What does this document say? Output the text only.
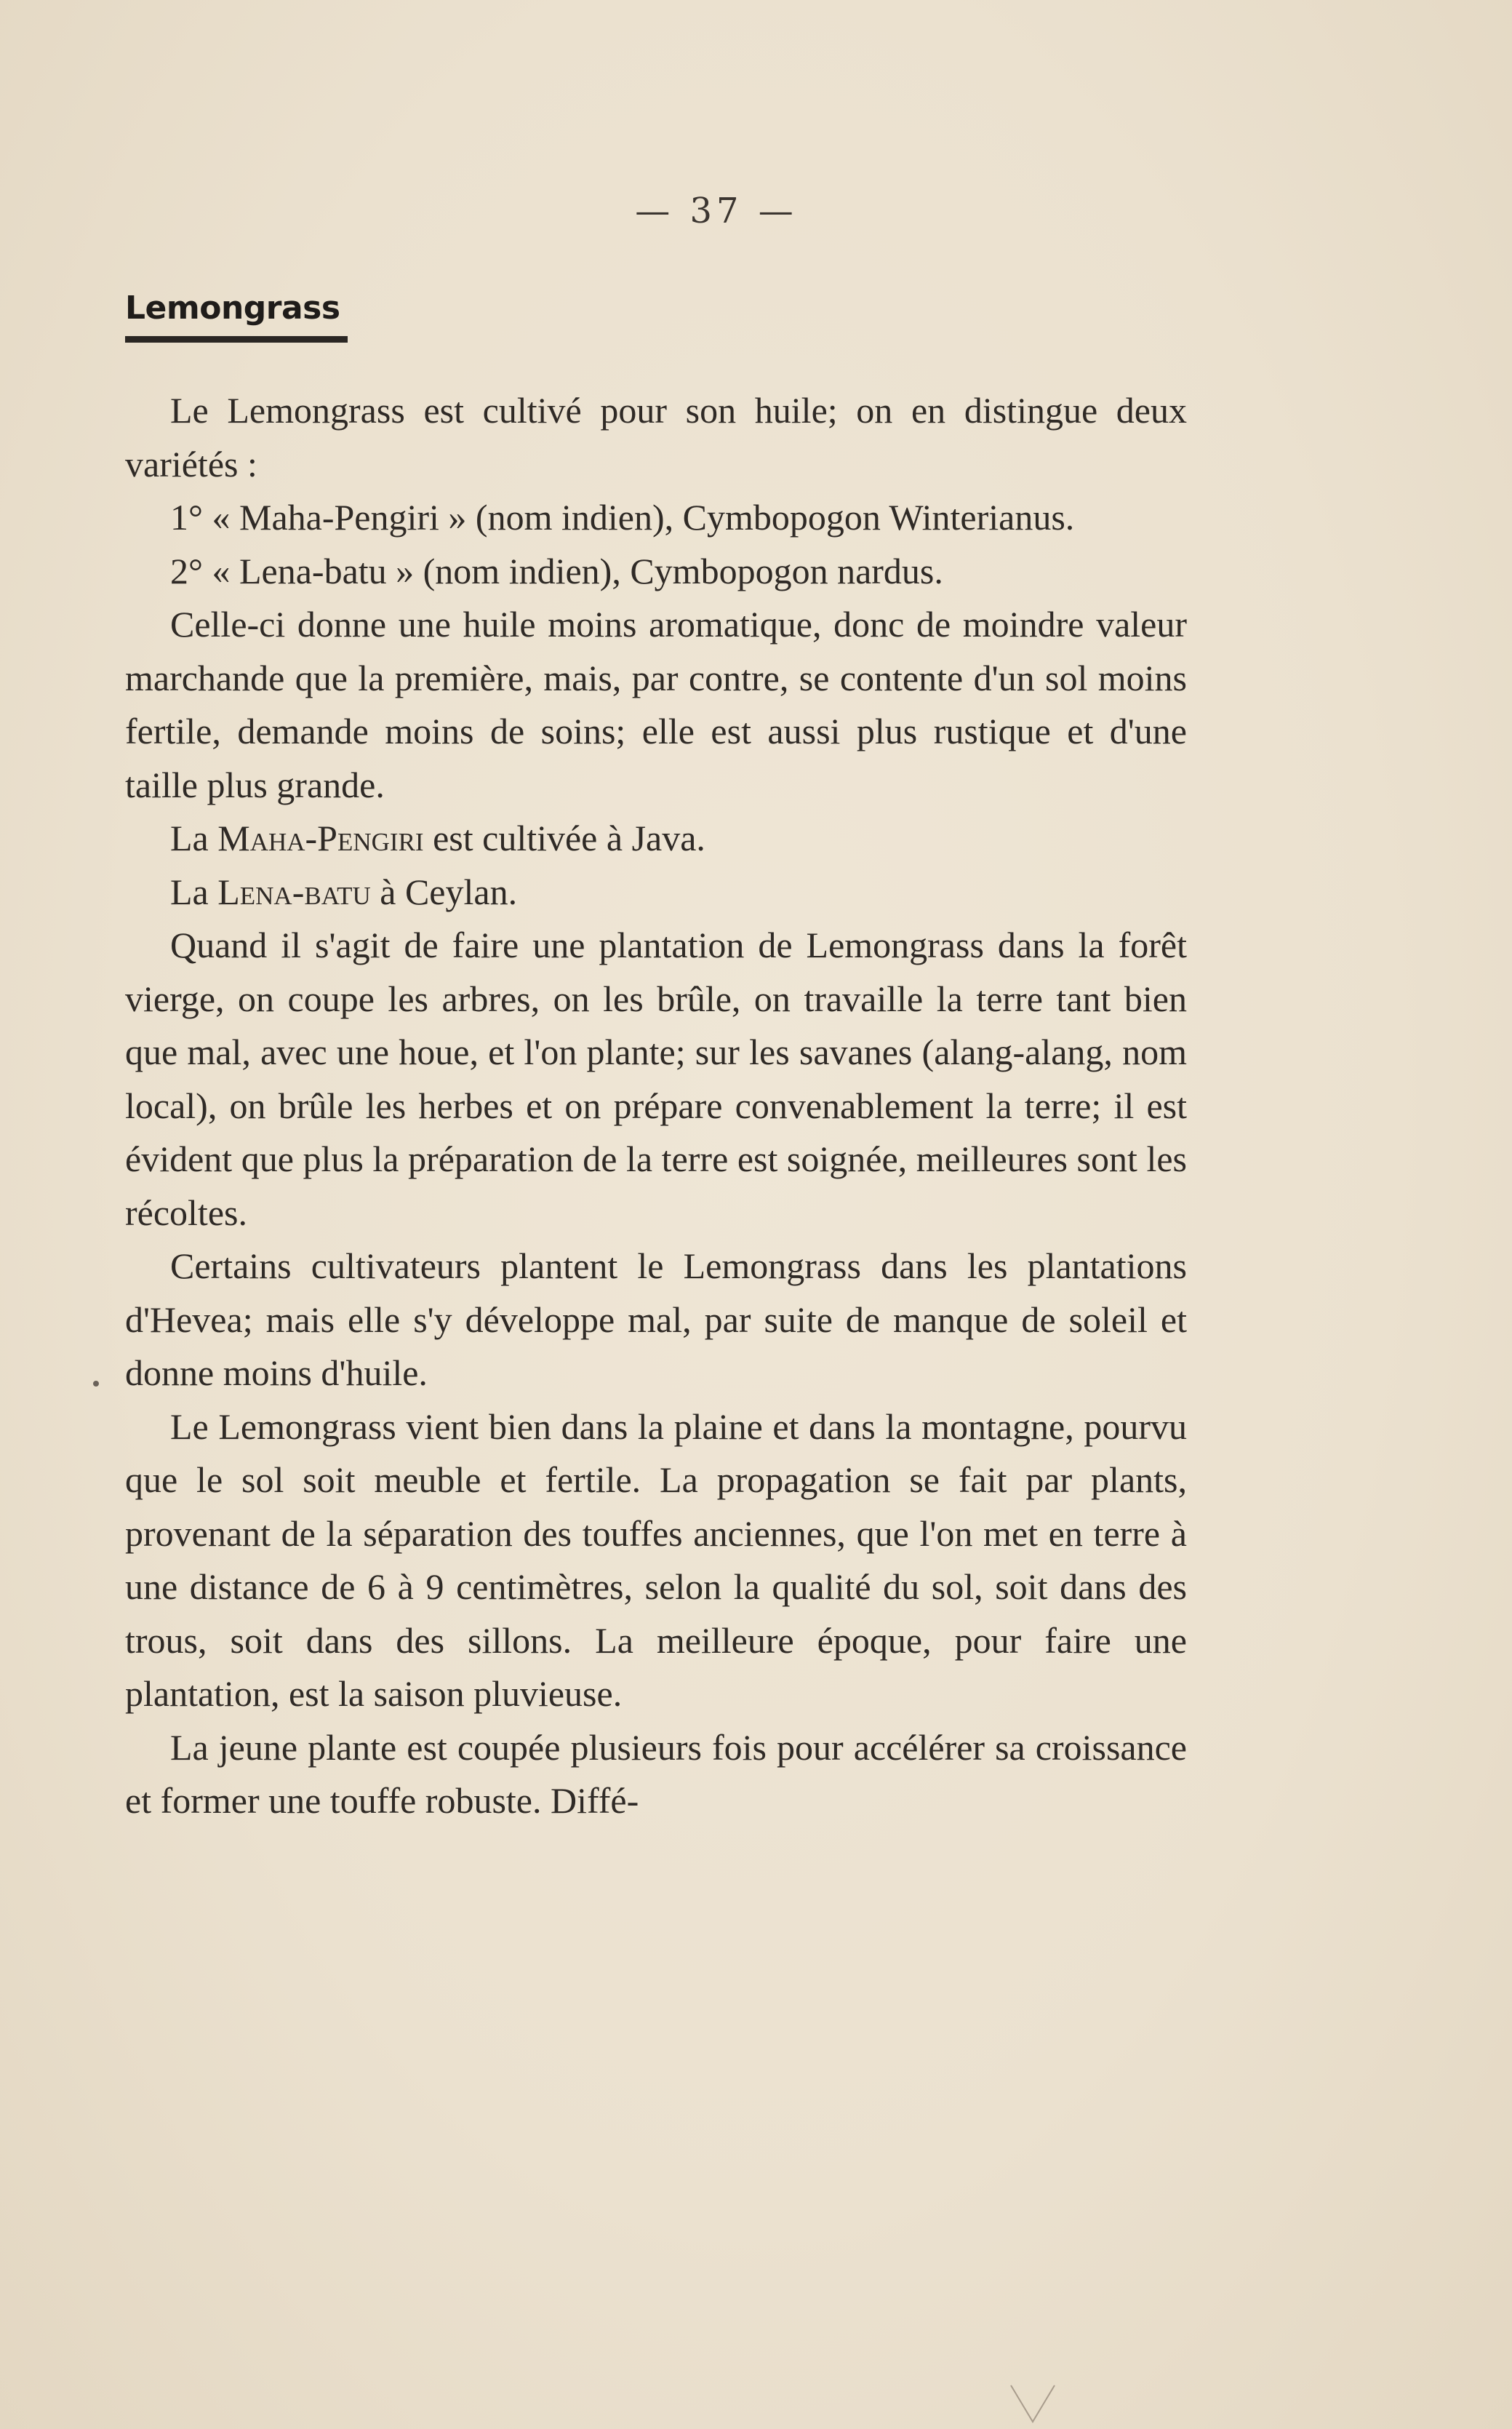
— 37 —
Lemongrass

Le Lemongrass est cultivé pour son huile; on en distingue deux variétés :

1° « Maha-Pengiri » (nom indien), Cymbopogon Winterianus.

2° « Lena-batu » (nom indien), Cymbopogon nardus.

Celle-ci donne une huile moins aromatique, donc de moindre valeur marchande que la première, mais, par contre, se contente d'un sol moins fertile, demande moins de soins; elle est aussi plus rustique et d'une taille plus grande.

La Maha-Pengiri est cultivée à Java.

La Lena-batu à Ceylan.

Quand il s'agit de faire une plantation de Lemongrass dans la forêt vierge, on coupe les arbres, on les brûle, on travaille la terre tant bien que mal, avec une houe, et l'on plante; sur les savanes (alang-alang, nom local), on brûle les herbes et on prépare convenablement la terre; il est évident que plus la préparation de la terre est soignée, meilleures sont les récoltes.

Certains cultivateurs plantent le Lemongrass dans les plantations d'Hevea; mais elle s'y développe mal, par suite de manque de soleil et donne moins d'huile.

Le Lemongrass vient bien dans la plaine et dans la montagne, pourvu que le sol soit meuble et fertile. La propagation se fait par plants, provenant de la séparation des touffes anciennes, que l'on met en terre à une distance de 6 à 9 centimètres, selon la qualité du sol, soit dans des trous, soit dans des sillons. La meilleure époque, pour faire une plantation, est la saison pluvieuse.

La jeune plante est coupée plusieurs fois pour accélérer sa croissance et former une touffe robuste. Diffé-
